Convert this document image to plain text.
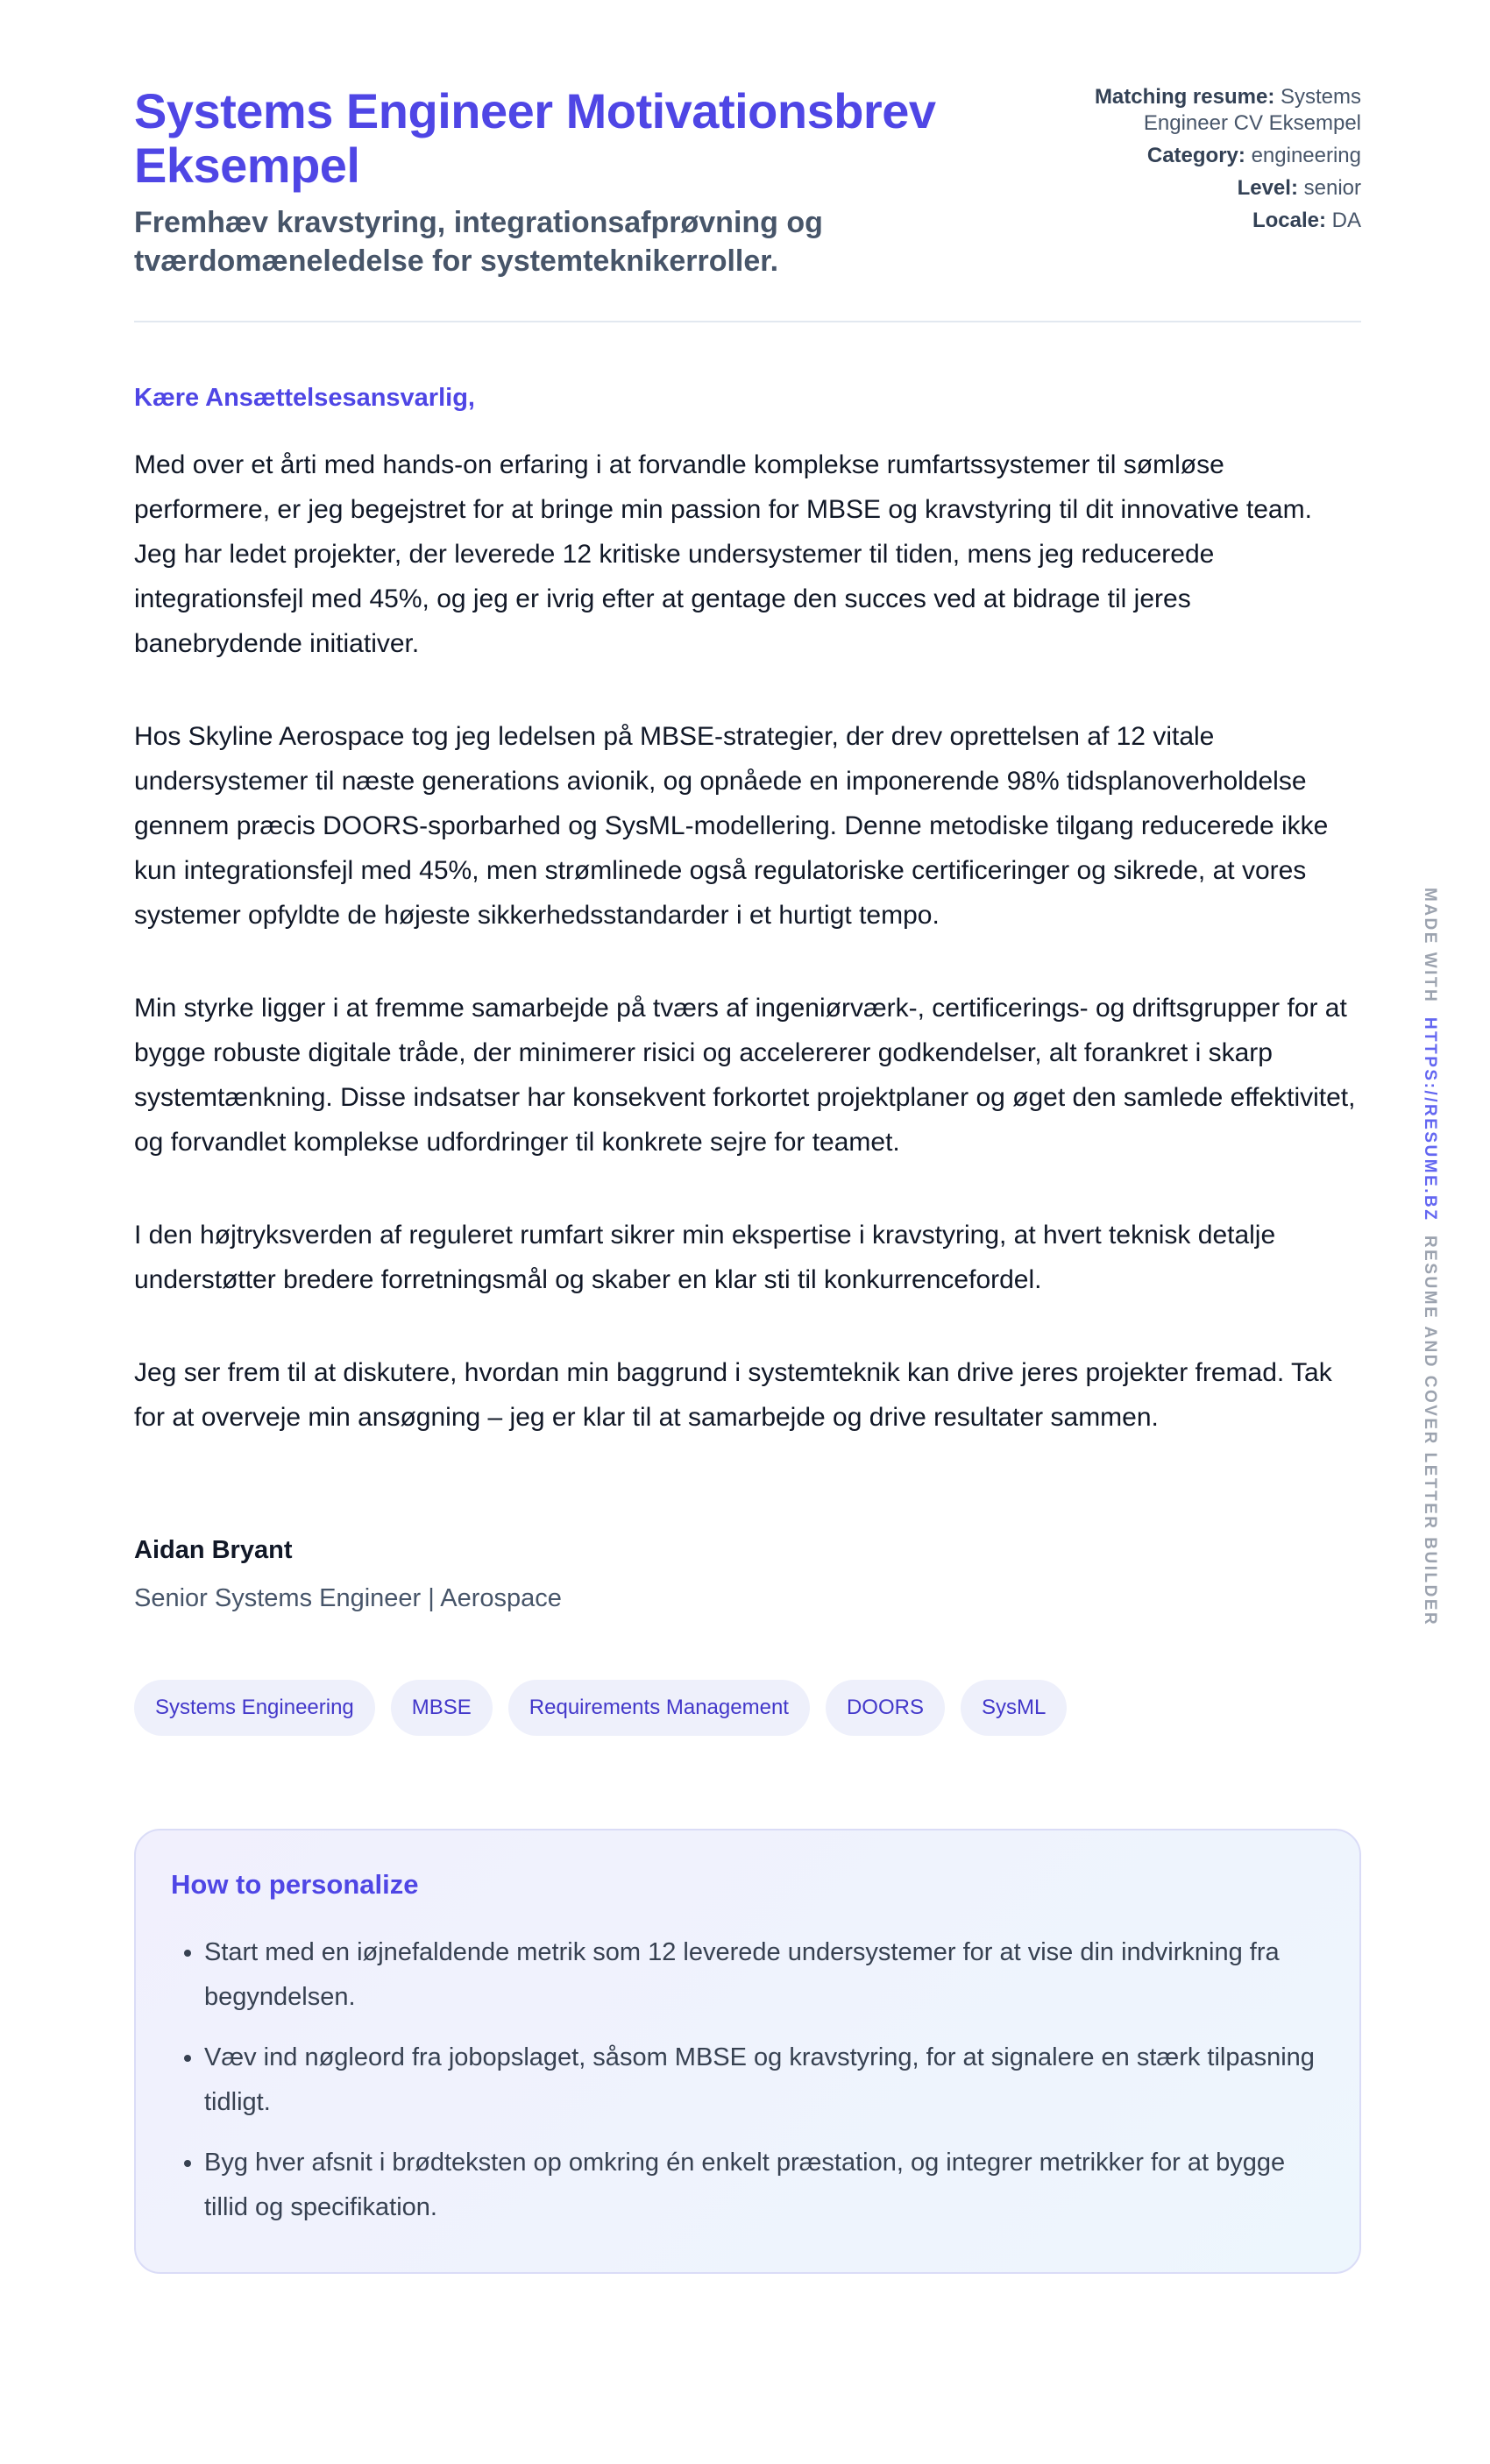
Systems Engineer Motivationsbrev Eksempel

Fremhæv kravstyring, integrationsafprøvning og tværdomæneledelse for systemteknikerroller.

Matching resume: Systems Engineer CV Eksempel
Category: engineering
Level: senior
Locale: DA
Kære Ansættelsesansvarlig,

Med over et årti med hands-on erfaring i at forvandle komplekse rumfartssystemer til sømløse performere, er jeg begejstret for at bringe min passion for MBSE og kravstyring til dit innovative team. Jeg har ledet projekter, der leverede 12 kritiske undersystemer til tiden, mens jeg reducerede integrationsfejl med 45%, og jeg er ivrig efter at gentage den succes ved at bidrage til jeres banebrydende initiativer.

Hos Skyline Aerospace tog jeg ledelsen på MBSE-strategier, der drev oprettelsen af 12 vitale undersystemer til næste generations avionik, og opnåede en imponerende 98% tidsplanoverholdelse gennem præcis DOORS-sporbarhed og SysML-modellering. Denne metodiske tilgang reducerede ikke kun integrationsfejl med 45%, men strømlinede også regulatoriske certificeringer og sikrede, at vores systemer opfyldte de højeste sikkerhedsstandarder i et hurtigt tempo.

Min styrke ligger i at fremme samarbejde på tværs af ingeniørværk-, certificerings- og driftsgrupper for at bygge robuste digitale tråde, der minimerer risici og accelererer godkendelser, alt forankret i skarp systemtænkning. Disse indsatser har konsekvent forkortet projektplaner og øget den samlede effektivitet, og forvandlet komplekse udfordringer til konkrete sejre for teamet.

I den højtryksverden af reguleret rumfart sikrer min ekspertise i kravstyring, at hvert teknisk detalje understøtter bredere forretningsmål og skaber en klar sti til konkurrencefordel.

Jeg ser frem til at diskutere, hvordan min baggrund i systemteknik kan drive jeres projekter fremad. Tak for at overveje min ansøgning – jeg er klar til at samarbejde og drive resultater sammen.

Aidan Bryant
Senior Systems Engineer | Aerospace
Systems Engineering	MBSE	Requirements Management	DOORS	SysML
How to personalize
• Start med en iøjnefaldende metrik som 12 leverede undersystemer for at vise din indvirkning fra begyndelsen.
• Væv ind nøgleord fra jobopslaget, såsom MBSE og kravstyring, for at signalere en stærk tilpasning tidligt.
• Byg hver afsnit i brødteksten op omkring én enkelt præstation, og integrer metrikker for at bygge tillid og specifikation.
MADE WITH  HTTPS://RESUME.BZ  RESUME AND COVER LETTER BUILDER
